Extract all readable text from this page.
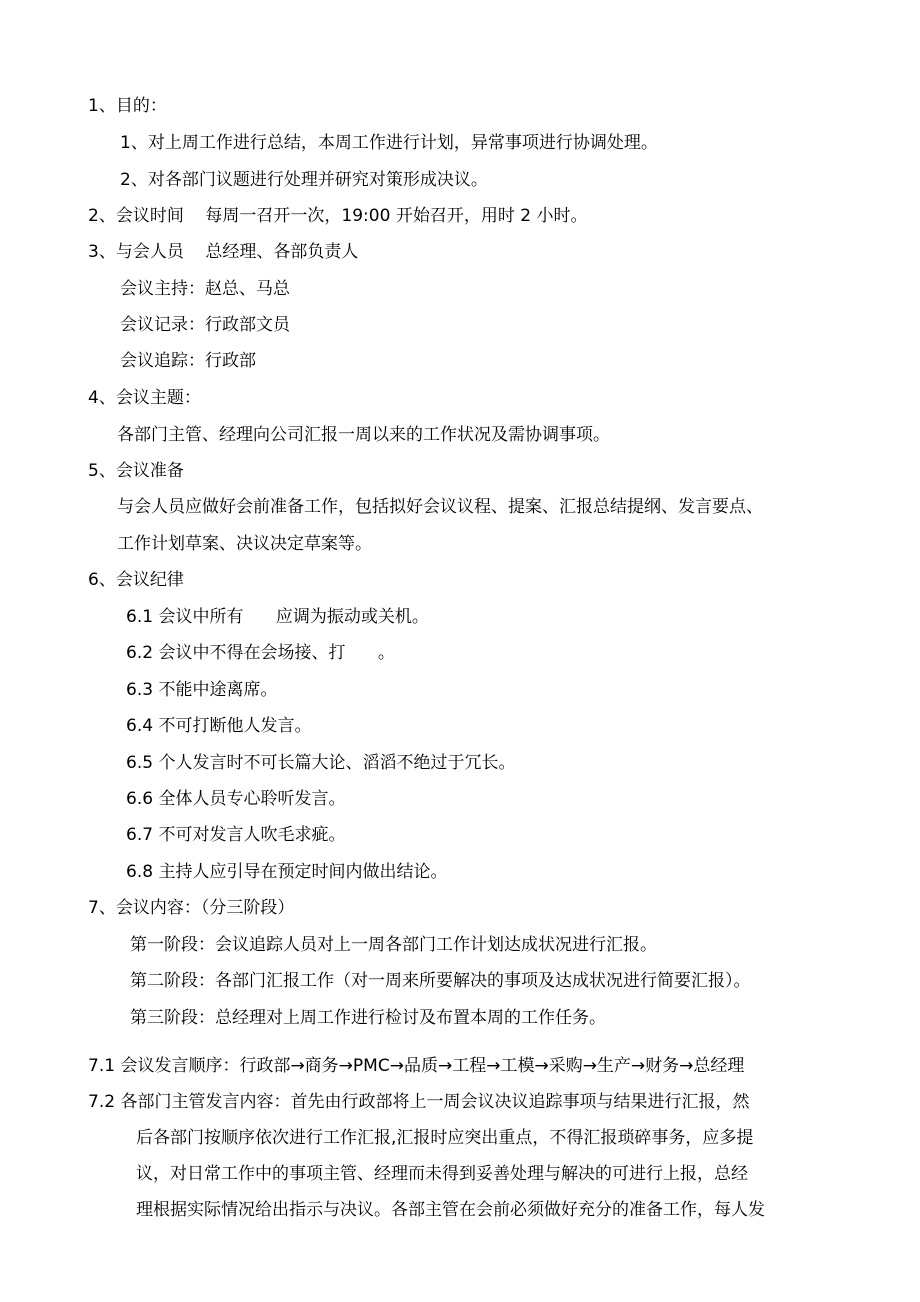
1、目的：
1、对上周工作进行总结，本周工作进行计划，异常事项进行协调处理。
2、对各部门议题进行处理并研究对策形成决议。
2、会议时间    每周一召开一次，19:00 开始召开，用时 2 小时。
3、与会人员    总经理、各部负责人
会议主持：赵总、马总
会议记录：行政部文员
会议追踪：行政部
4、会议主题：
各部门主管、经理向公司汇报一周以来的工作状况及需协调事项。
5、会议准备
与会人员应做好会前准备工作，包括拟好会议议程、提案、汇报总结提纲、发言要点、
工作计划草案、决议决定草案等。
6、会议纪律
6.1 会议中所有      应调为振动或关机。
6.2 会议中不得在会场接、打      。
6.3 不能中途离席。
6.4 不可打断他人发言。
6.5 个人发言时不可长篇大论、滔滔不绝过于冗长。
6.6 全体人员专心聆听发言。
6.7 不可对发言人吹毛求疵。
6.8 主持人应引导在预定时间内做出结论。
7、会议内容：（分三阶段）
第一阶段：会议追踪人员对上一周各部门工作计划达成状况进行汇报。
第二阶段：各部门汇报工作（对一周来所要解决的事项及达成状况进行简要汇报）。
第三阶段：总经理对上周工作进行检讨及布置本周的工作任务。
7.1 会议发言顺序：行政部→商务→PMC→品质→工程→工模→采购→生产→财务→总经理
7.2 各部门主管发言内容：首先由行政部将上一周会议决议追踪事项与结果进行汇报，然
后各部门按顺序依次进行工作汇报,汇报时应突出重点，不得汇报琐碎事务，应多提
议，对日常工作中的事项主管、经理而未得到妥善处理与解决的可进行上报，总经
理根据实际情况给出指示与决议。各部主管在会前必须做好充分的准备工作，每人发
